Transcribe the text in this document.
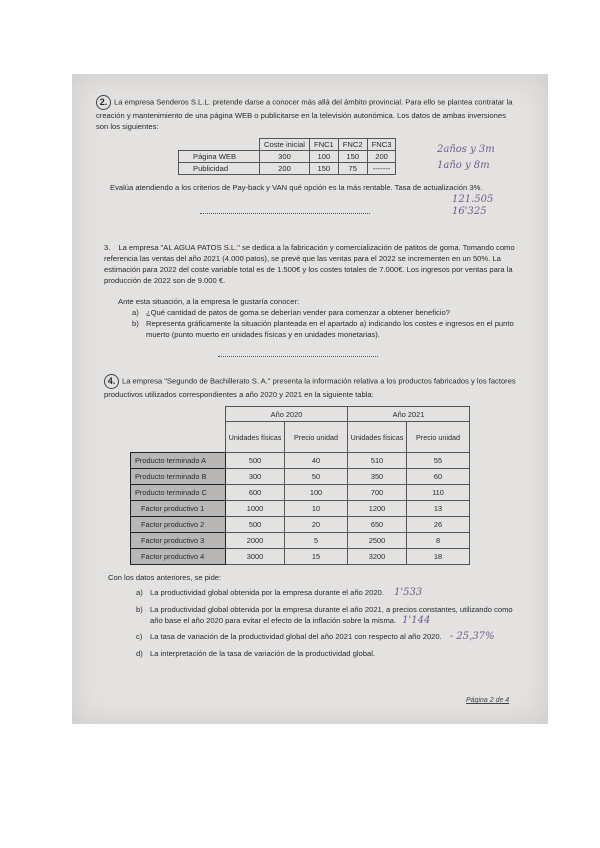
2. La empresa Senderos S.L.L. pretende darse a conocer más allá del ámbito provincial. Para ello se plantea contratar la creación y mantenimiento de una página WEB o publicitarse en la televisión autonómica. Los datos de ambas inversiones son los siguientes:

	Coste inicial	FNC1	FNC2	FNC3
Página WEB	300	100	150	200
Publicidad	200	150	75	-------
2años y 3m
1año y 8m

Evalúa atendiendo a los criterios de Pay-back y VAN qué opción es la más rentable. Tasa de actualización 3%.

121.505
16'325

3. La empresa "AL AGUA PATOS S.L." se dedica a la fabricación y comercialización de patitos de goma. Tomando como referencia las ventas del año 2021 (4.000 patos), se prevé que las ventas para el 2022 se incrementen en un 50%. La estimación para 2022 del coste variable total es de 1.500€ y los costes totales de 7.000€. Los ingresos por ventas para la producción de 2022 son de 9.000 €.

Ante esta situación, a la empresa le gustaría conocer:
a) ¿Qué cantidad de patos de goma se deberían vender para comenzar a obtener beneficio?
b) Representa gráficamente la situación planteada en el apartado a) indicando los costes e ingresos en el punto muerto (punto muerto en unidades físicas y en unidades monetarias).

4. La empresa "Segundo de Bachillerato S. A." presenta la información relativa a los productos fabricados y los factores productivos utilizados correspondientes a año 2020 y 2021 en la siguiente tabla:

	Año 2020		Año 2021	
	Unidades físicas	Precio unidad	Unidades físicas	Precio unidad
Producto terminado A	500	40	510	55
Producto terminado B	300	50	350	60
Producto terminado C	600	100	700	110
Factor productivo 1	1000	10	1200	13
Factor productivo 2	500	20	650	26
Factor productivo 3	2000	5	2500	8
Factor productivo 4	3000	15	3200	18
Con los datos anteriores, se pide:
a) La productividad global obtenida por la empresa durante el año 2020. 1'533
b) La productividad global obtenida por la empresa durante el año 2021, a precios constantes, utilizando como año base el año 2020 para evitar el efecto de la inflación sobre la misma. 1'144
c) La tasa de variación de la productividad global del año 2021 con respecto al año 2020. - 25,37%
d) La interpretación de la tasa de variación de la productividad global.
Página 2 de 4
